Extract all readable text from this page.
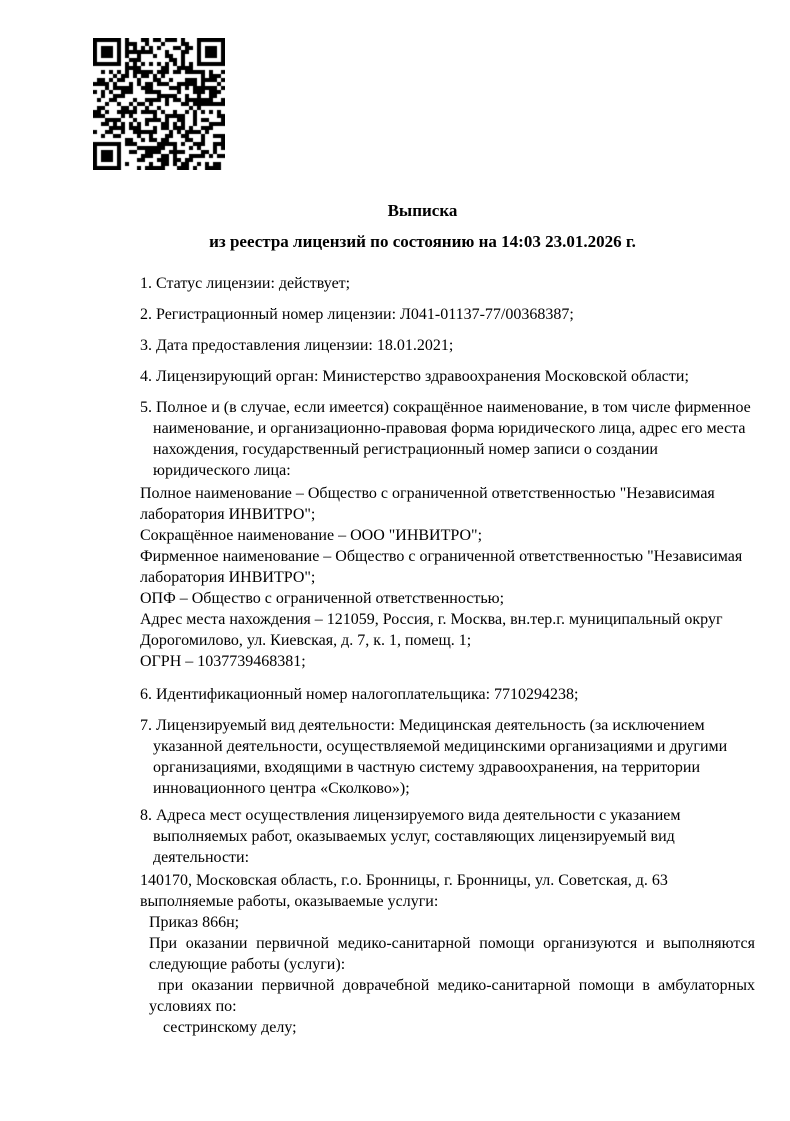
Выписка

из реестра лицензий по состоянию на 14:03 23.01.2026 г.

1. Статус лицензии: действует;

2. Регистрационный номер лицензии: Л041-01137-77/00368387;

3. Дата предоставления лицензии: 18.01.2021;

4. Лицензирующий орган: Министерство здравоохранения Московской области;

5. Полное и (в случае, если имеется) сокращённое наименование, в том числе фирменное наименование, и организационно-правовая форма юридического лица, адрес его места нахождения, государственный регистрационный номер записи о создании юридического лица:

Полное наименование – Общество с ограниченной ответственностью "Независимая лаборатория ИНВИТРО";

Сокращённое наименование – ООО "ИНВИТРО";

Фирменное наименование – Общество с ограниченной ответственностью "Независимая лаборатория ИНВИТРО";

ОПФ – Общество с ограниченной ответственностью;

Адрес места нахождения – 121059, Россия, г. Москва, вн.тер.г. муниципальный округ Дорогомилово, ул. Киевская, д. 7, к. 1, помещ. 1;

ОГРН – 1037739468381;

6. Идентификационный номер налогоплательщика: 7710294238;

7. Лицензируемый вид деятельности: Медицинская деятельность (за исключением указанной деятельности, осуществляемой медицинскими организациями и другими организациями, входящими в частную систему здравоохранения, на территории инновационного центра «Сколково»);

8. Адреса мест осуществления лицензируемого вида деятельности с указанием выполняемых работ, оказываемых услуг, составляющих лицензируемый вид деятельности:

140170, Московская область, г.о. Бронницы, г. Бронницы, ул. Советская, д. 63

выполняемые работы, оказываемые услуги:

Приказ 866н;

При оказании первичной медико-санитарной помощи организуются и выполняются следующие работы (услуги):

при оказании первичной доврачебной медико-санитарной помощи в амбулаторных условиях по:

сестринскому делу;
